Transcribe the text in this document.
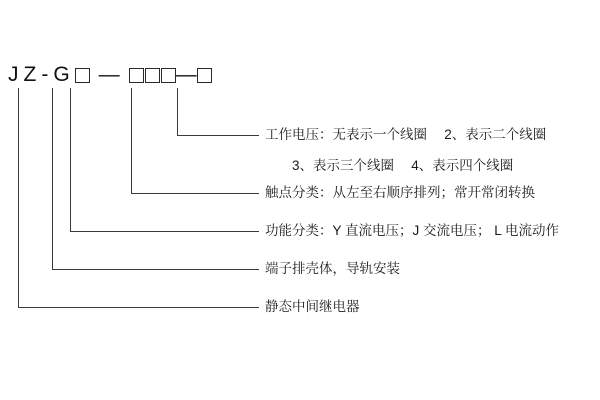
J Z - G —	—
工作电压：无表示一个线圈　 2、表示二个线圈
3、表示三个线圈　 4、表示四个线圈
触点分类：从左至右顺序排列；常开常闭转换
功能分类：Y 直流电压；J 交流电压； L 电流动作
端子排壳体，导轨安装
静态中间继电器
